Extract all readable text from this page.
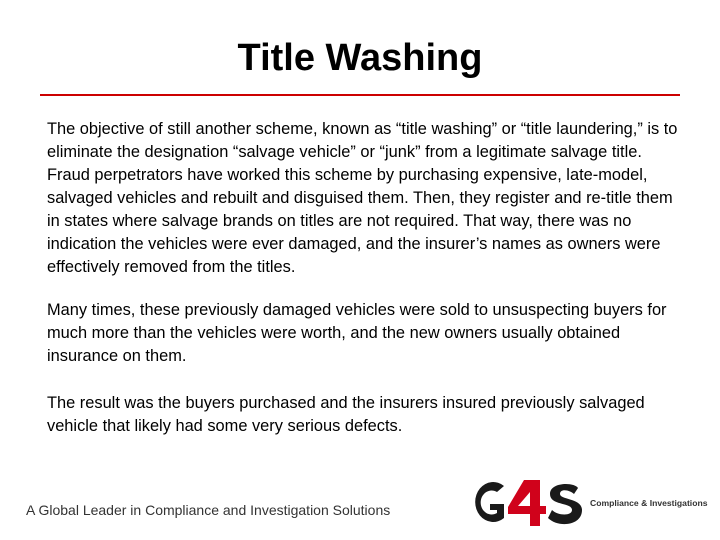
Title Washing

The objective of still another scheme, known as “title washing” or “title laundering,” is to eliminate the designation “salvage vehicle” or “junk” from a legitimate salvage title. Fraud perpetrators have worked this scheme by purchasing expensive, late-model, salvaged vehicles and rebuilt and disguised them. Then, they register and re-title them in states where salvage brands on titles are not required. That way, there was no indication the vehicles were ever damaged, and the insurer’s names as owners were effectively removed from the titles.

Many times, these previously damaged vehicles were sold to unsuspecting buyers for much more than the vehicles were worth, and the new owners usually obtained insurance on them.

The result was the buyers purchased and the insurers insured previously salvaged vehicle that likely had some very serious defects.

A Global Leader in Compliance and Investigation Solutions	Compliance & Investigations
